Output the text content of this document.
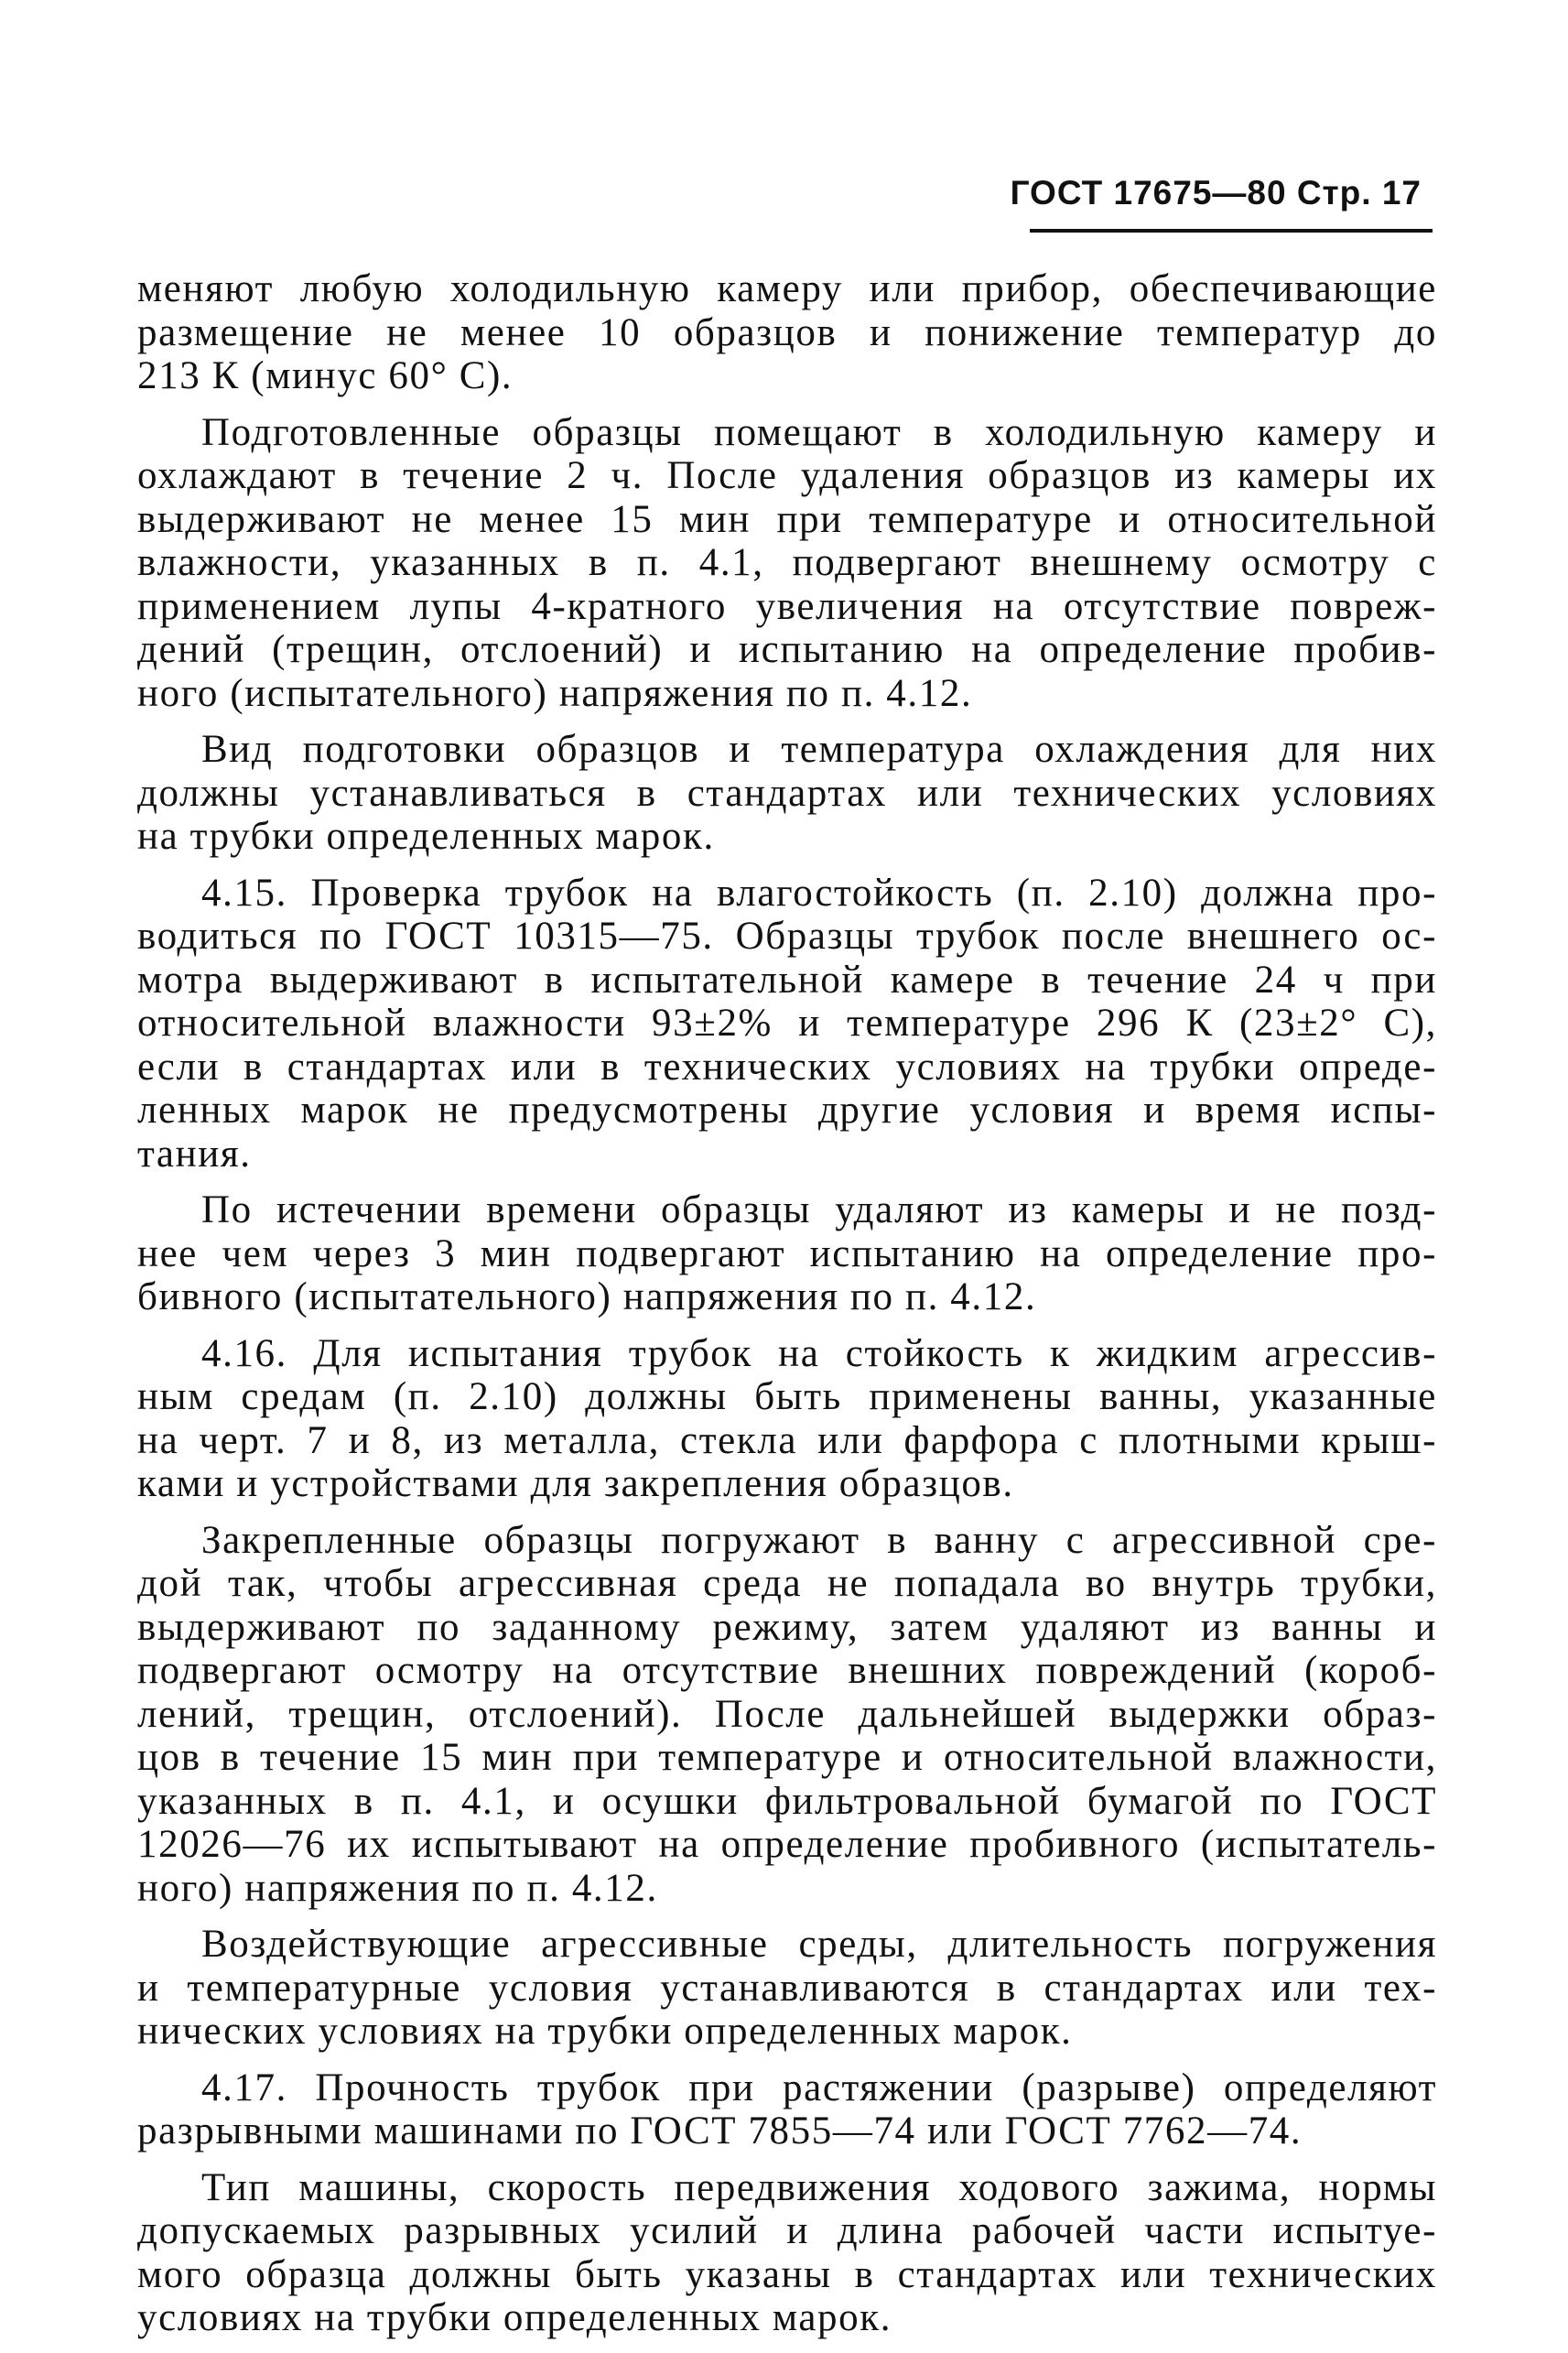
ГОСТ 17675—80 Стр. 17
меняют любую холодильную камеру или прибор, обеспечивающие
размещение не менее 10 образцов и понижение температур до
213 К (минус 60° С).
Подготовленные образцы помещают в холодильную камеру и
охлаждают в течение 2 ч. После удаления образцов из камеры их
выдерживают не менее 15 мин при температуре и относительной
влажности, указанных в п. 4.1, подвергают внешнему осмотру с
применением лупы 4-кратного увеличения на отсутствие повреж-
дений (трещин, отслоений) и испытанию на определение пробив-
ного (испытательного) напряжения по п. 4.12.
Вид подготовки образцов и температура охлаждения для них
должны устанавливаться в стандартах или технических условиях
на трубки определенных марок.
4.15. Проверка трубок на влагостойкость (п. 2.10) должна про-
водиться по ГОСТ 10315—75. Образцы трубок после внешнего ос-
мотра выдерживают в испытательной камере в течение 24 ч при
относительной влажности 93±2% и температуре 296 К (23±2° С),
если в стандартах или в технических условиях на трубки опреде-
ленных марок не предусмотрены другие условия и время испы-
тания.
По истечении времени образцы удаляют из камеры и не позд-
нее чем через 3 мин подвергают испытанию на определение про-
бивного (испытательного) напряжения по п. 4.12.
4.16. Для испытания трубок на стойкость к жидким агрессив-
ным средам (п. 2.10) должны быть применены ванны, указанные
на черт. 7 и 8, из металла, стекла или фарфора с плотными крыш-
ками и устройствами для закрепления образцов.
Закрепленные образцы погружают в ванну с агрессивной сре-
дой так, чтобы агрессивная среда не попадала во внутрь трубки,
выдерживают по заданному режиму, затем удаляют из ванны и
подвергают осмотру на отсутствие внешних повреждений (короб-
лений, трещин, отслоений). После дальнейшей выдержки образ-
цов в течение 15 мин при температуре и относительной влажности,
указанных в п. 4.1, и осушки фильтровальной бумагой по ГОСТ
12026—76 их испытывают на определение пробивного (испытатель-
ного) напряжения по п. 4.12.
Воздействующие агрессивные среды, длительность погружения
и температурные условия устанавливаются в стандартах или тех-
нических условиях на трубки определенных марок.
4.17. Прочность трубок при растяжении (разрыве) определяют
разрывными машинами по ГОСТ 7855—74 или ГОСТ 7762—74.
Тип машины, скорость передвижения ходового зажима, нормы
допускаемых разрывных усилий и длина рабочей части испытуе-
мого образца должны быть указаны в стандартах или технических
условиях на трубки определенных марок.
